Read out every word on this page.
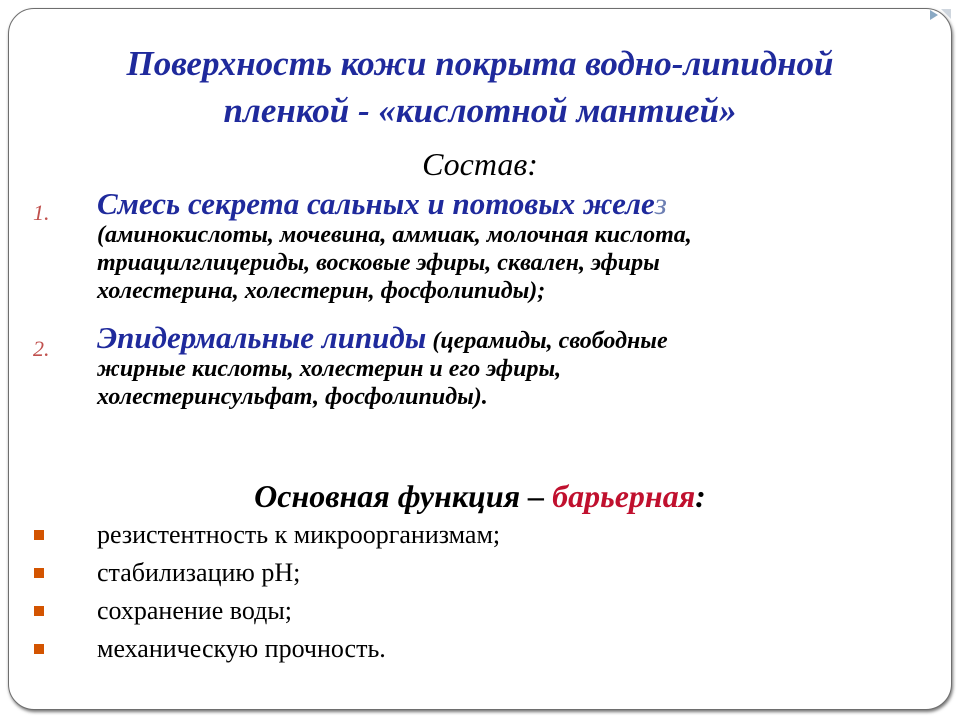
Поверхность кожи покрыта водно-липидной
пленкой - «кислотной мантией»
Состав:
1. Смесь секрета сальных и потовых желез
(аминокислоты, мочевина, аммиак, молочная кислота,
триацилглицериды, восковые эфиры, сквален, эфиры
холестерина, холестерин, фосфолипиды);
2. Эпидермальные липиды (церамиды, свободные
жирные кислоты, холестерин и его эфиры,
холестеринсульфат, фосфолипиды).
Основная функция – барьерная:
резистентность к микроорганизмам;
стабилизацию рН;
сохранение воды;
механическую прочность.
